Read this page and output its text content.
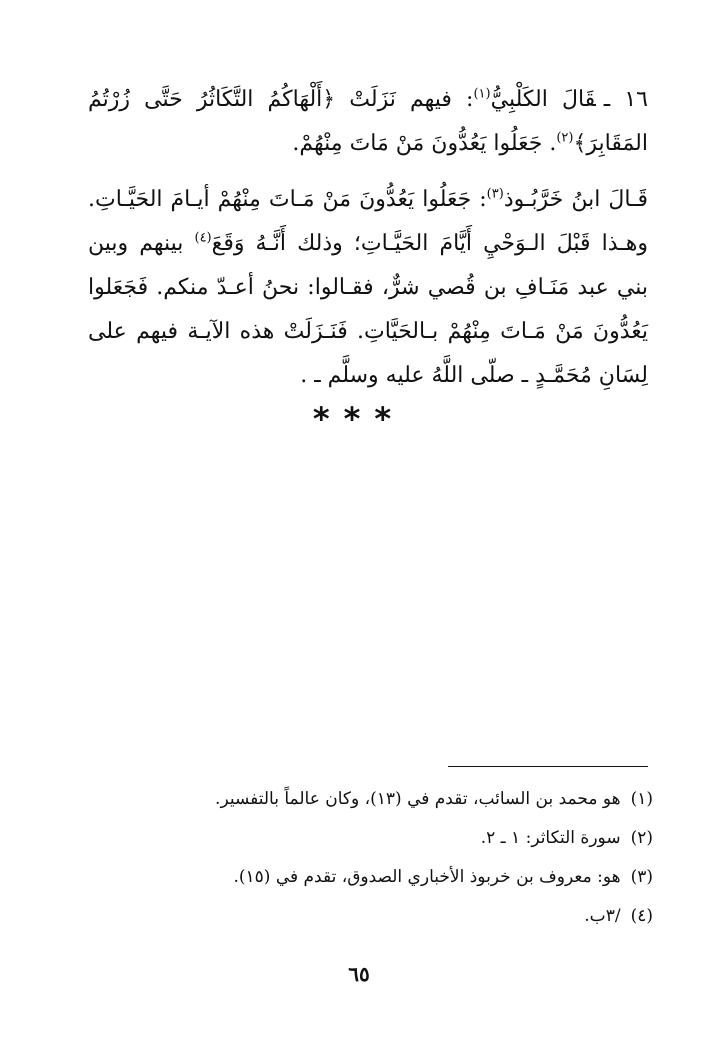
١٦ ـقَالَ الكَلْبِيُّ$^{(١)}$: فيهم نَزَلَتْ ﴿أَلْهَاكُمُ التَّكَاثُرُ حَتَّى زُرْتُمُ المَقَابِرَ﴾$^{(٢)}$. جَعَلُوا يَعُدُّونَ مَنْ مَاتَ مِنْهُمْ.

قَـالَ ابنُ خَرَّبُـوذ$^{(٣)}$: جَعَلُوا يَعُدُّونَ مَنْ مَـاتَ مِنْهُمْ أيـامَ الحَيَّـاتِ. وهـذا قَبْلَ الـوَحْيِ أَيَّامَ الحَيَّـاتِ؛ وذلك أَنَّـهُ وَقَعَ$^{(٤)}$ بينهم وبين بني عبد مَنَـافِ بن قُصي شرٌّ، فقـالوا: نحنُ أعـدّ منكم. فَجَعَلوا يَعُدُّونَ مَنْ مَـاتَ مِنْهُمْ بـالحَيَّاتِ. فَنَـزَلَتْ هذه الآيـة فيهم على لِسَانِ مُحَمَّـدٍ ـ صلّى اللَّهُ عليه وسلَّم ـ .

***
(١)هو محمد بن السائب، تقدم في (١٣)، وكان عالماً بالتفسير.
(٢)سورة التكاثر: ١ ـ ٢.
(٣)هو: معروف بن خربوذ الأخباري الصدوق، تقدم في (١٥).
(٤)/٣ب.
٦٥
